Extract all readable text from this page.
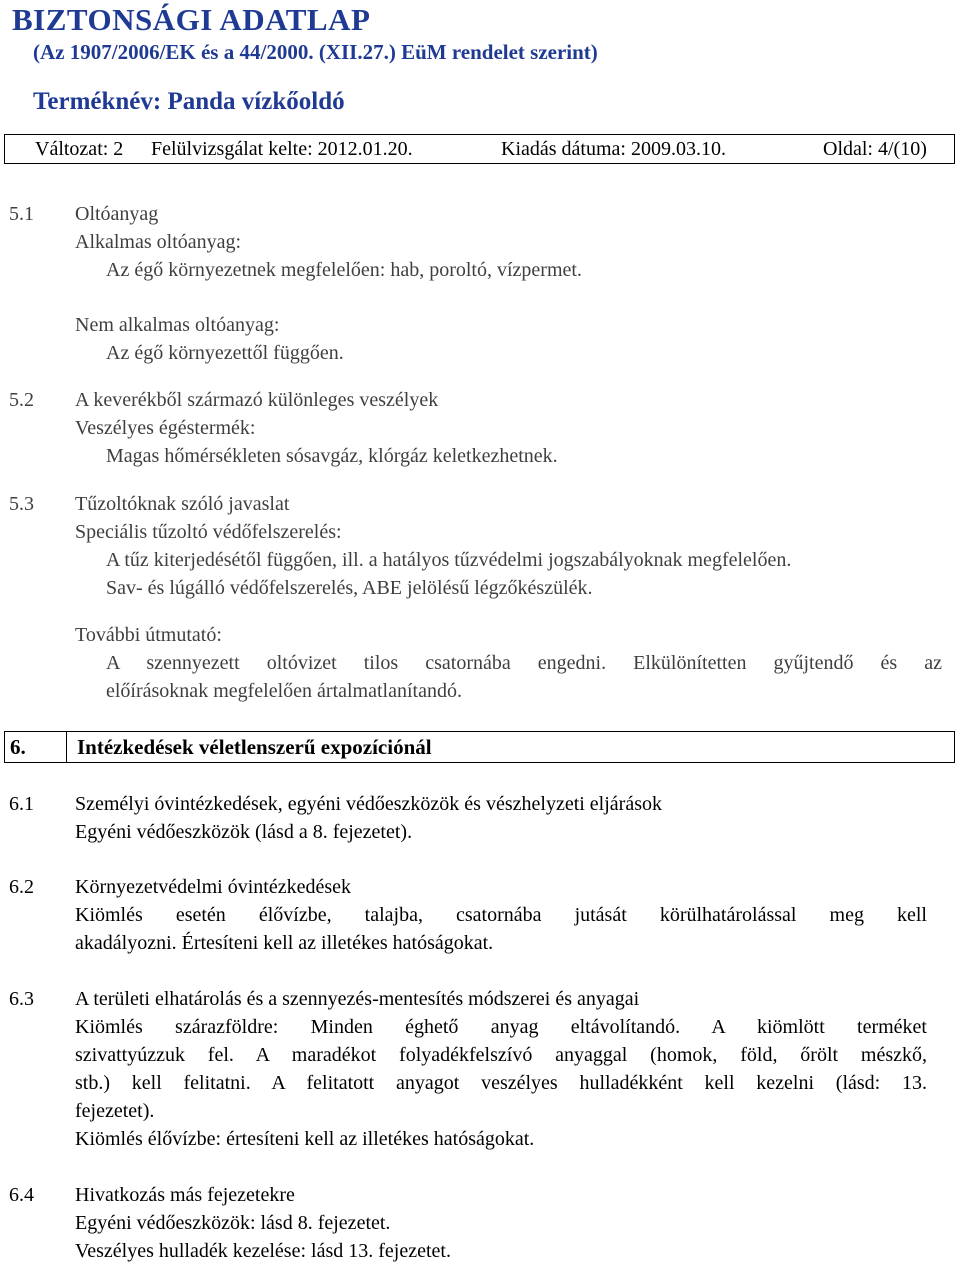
BIZTONSÁGI ADATLAP
(Az 1907/2006/EK és a 44/2000. (XII.27.) EüM rendelet szerint)
Terméknév: Panda vízkőoldó
Változat: 2 Felülvizsgálat kelte: 2012.01.20.	Kiadás dátuma: 2009.03.10.	Oldal: 4/(10)
5.1 Oltóanyag
Alkalmas oltóanyag:
Az égő környezetnek megfelelően: hab, poroltó, vízpermet.
Nem alkalmas oltóanyag:
Az égő környezettől függően.
5.2 A keverékből származó különleges veszélyek
Veszélyes égéstermék:
Magas hőmérsékleten sósavgáz, klórgáz keletkezhetnek.
5.3 Tűzoltóknak szóló javaslat
Speciális tűzoltó védőfelszerelés:
A tűz kiterjedésétől függően, ill. a hatályos tűzvédelmi jogszabályoknak megfelelően.
Sav- és lúgálló védőfelszerelés, ABE jelölésű légzőkészülék.
További útmutató:
A szennyezett oltóvizet tilos csatornába engedni. Elkülönítetten gyűjtendő és az
előírásoknak megfelelően ártalmatlanítandó.
6. Intézkedések véletlenszerű expozíciónál
6.1 Személyi óvintézkedések, egyéni védőeszközök és vészhelyzeti eljárások
Egyéni védőeszközök (lásd a 8. fejezetet).
6.2 Környezetvédelmi óvintézkedések
Kiömlés esetén élővízbe, talajba, csatornába jutását körülhatárolással meg kell
akadályozni. Értesíteni kell az illetékes hatóságokat.
6.3 A területi elhatárolás és a szennyezés-mentesítés módszerei és anyagai
Kiömlés szárazföldre: Minden éghető anyag eltávolítandó. A kiömlött terméket
szivattyúzzuk fel. A maradékot folyadékfelszívó anyaggal (homok, föld, őrölt mészkő,
stb.) kell felitatni. A felitatott anyagot veszélyes hulladékként kell kezelni (lásd: 13.
fejezetet).
Kiömlés élővízbe: értesíteni kell az illetékes hatóságokat.
6.4 Hivatkozás más fejezetekre
Egyéni védőeszközök: lásd 8. fejezetet.
Veszélyes hulladék kezelése: lásd 13. fejezetet.
